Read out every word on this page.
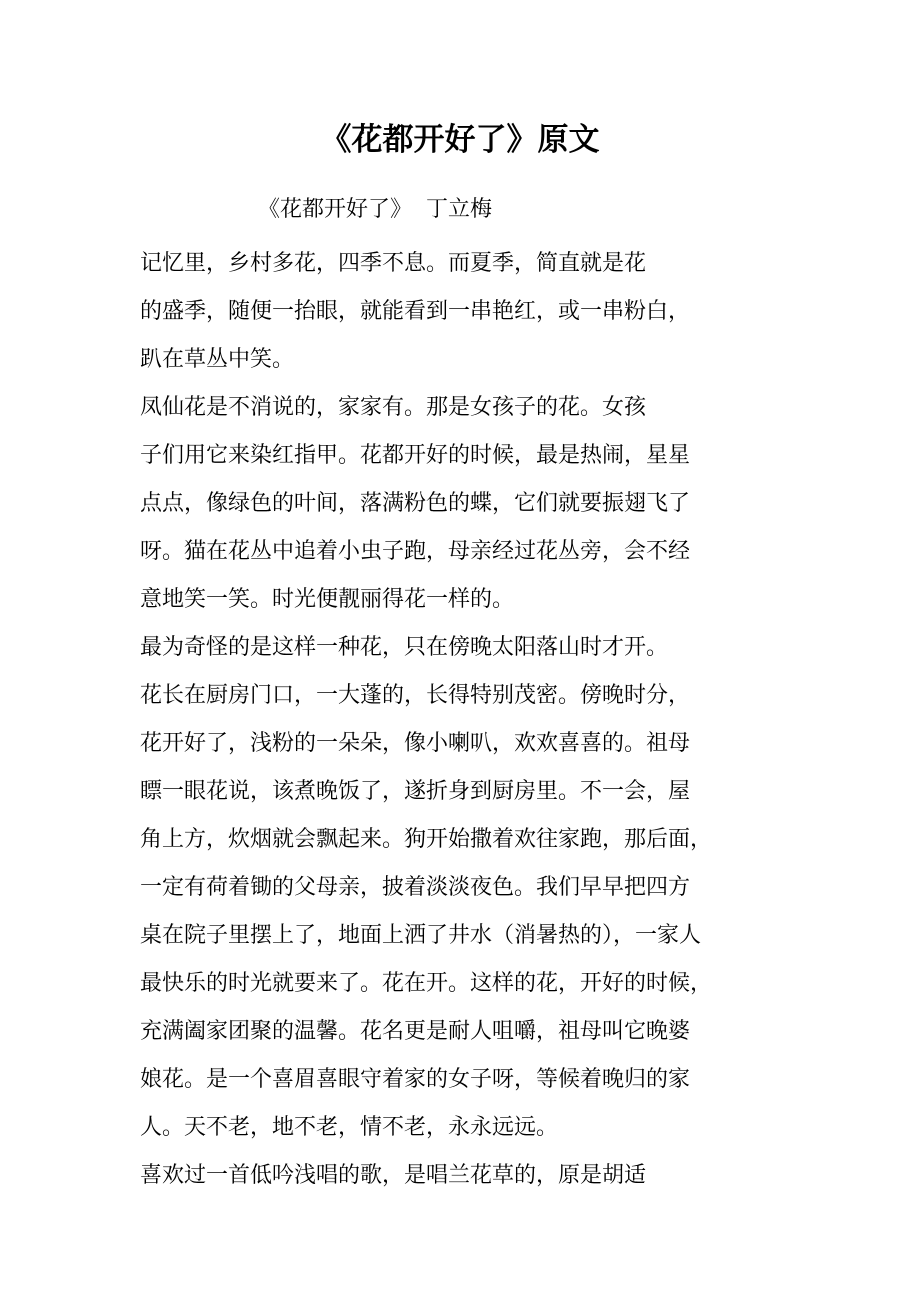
《花都开好了》原文
《花都开好了》  丁立梅
记忆里，乡村多花，四季不息。而夏季，简直就是花
的盛季，随便一抬眼，就能看到一串艳红，或一串粉白，
趴在草丛中笑。
凤仙花是不消说的，家家有。那是女孩子的花。女孩
子们用它来染红指甲。花都开好的时候，最是热闹，星星
点点，像绿色的叶间，落满粉色的蝶，它们就要振翅飞了
呀。猫在花丛中追着小虫子跑，母亲经过花丛旁，会不经
意地笑一笑。时光便靓丽得花一样的。
最为奇怪的是这样一种花，只在傍晚太阳落山时才开。
花长在厨房门口，一大蓬的，长得特别茂密。傍晚时分，
花开好了，浅粉的一朵朵，像小喇叭，欢欢喜喜的。祖母
瞟一眼花说，该煮晚饭了，遂折身到厨房里。不一会，屋
角上方，炊烟就会飘起来。狗开始撒着欢往家跑，那后面，
一定有荷着锄的父母亲，披着淡淡夜色。我们早早把四方
桌在院子里摆上了，地面上洒了井水（消暑热的），一家人
最快乐的时光就要来了。花在开。这样的花，开好的时候，
充满阖家团聚的温馨。花名更是耐人咀嚼，祖母叫它晚婆
娘花。是一个喜眉喜眼守着家的女子呀，等候着晚归的家
人。天不老，地不老，情不老，永永远远。
喜欢过一首低吟浅唱的歌，是唱兰花草的，原是胡适
